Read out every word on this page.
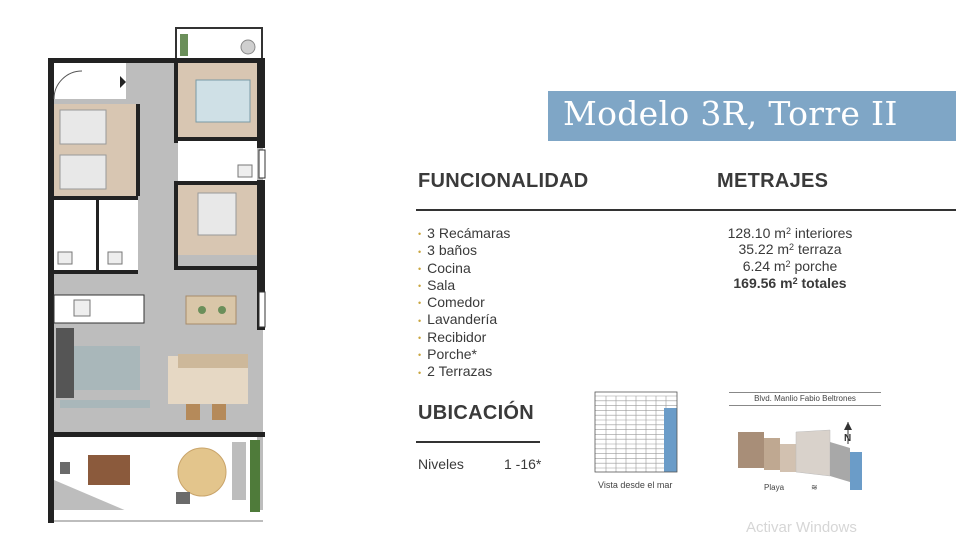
Modelo 3R, Torre II
FUNCIONALIDAD	METRAJES
• 3 Recámaras
• 3 baños
• Cocina
• Sala
• Comedor
• Lavandería
• Recibidor
• Porche*
• 2 Terrazas
128.10 $m^2$ interiores
35.22 $m^2$ terraza
6.24 $m^2$ porche
169.56 $m^2$ totales
UBICACIÓN
Niveles	1 -16*
Vista desde el mar
Blvd. Manlio Fabio Beltrones
≋
N
Playa
Activar Windows
